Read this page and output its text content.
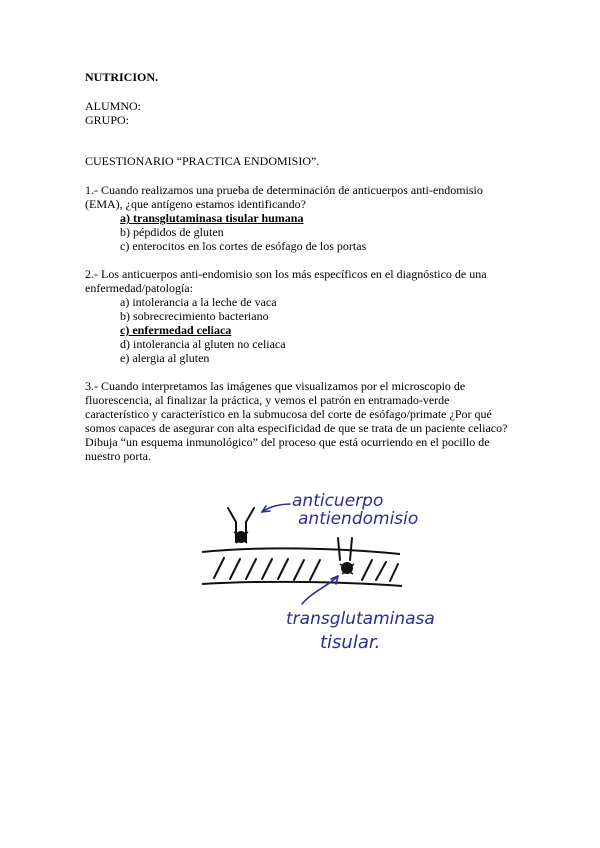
NUTRICION.
ALUMNO:
GRUPO:
CUESTIONARIO “PRACTICA ENDOMISIO”.
1.- Cuando realizamos una prueba de determinación de anticuerpos anti-endomisio (EMA), ¿que antígeno estamos identificando?
a) transglutaminasa tisular humana
b) pépdidos de gluten
c) enterocitos en los cortes de esófago de los portas
2.- Los anticuerpos anti-endomisio son los más específicos en el diagnóstico de una enfermedad/patología:
a) intolerancia a la leche de vaca
b) sobrecrecimiento bacteriano
c) enfermedad celiaca
d) intolerancia al gluten no celiaca
e) alergia al gluten
3.- Cuando interpretamos las imágenes que visualizamos por el microscopio de fluorescencia, al finalizar la práctica, y vemos el patrón en entramado-verde característico y característico en la submucosa del corte de esófago/primate ¿Por qué somos capaces de asegurar con alta especificidad de que se trata de un paciente celiaco? Dibuja “un esquema inmunológico” del proceso que está ocurriendo en el pocillo de nuestro porta.
anticuerpo
antiendomisio
transglutaminasa
tisular.
